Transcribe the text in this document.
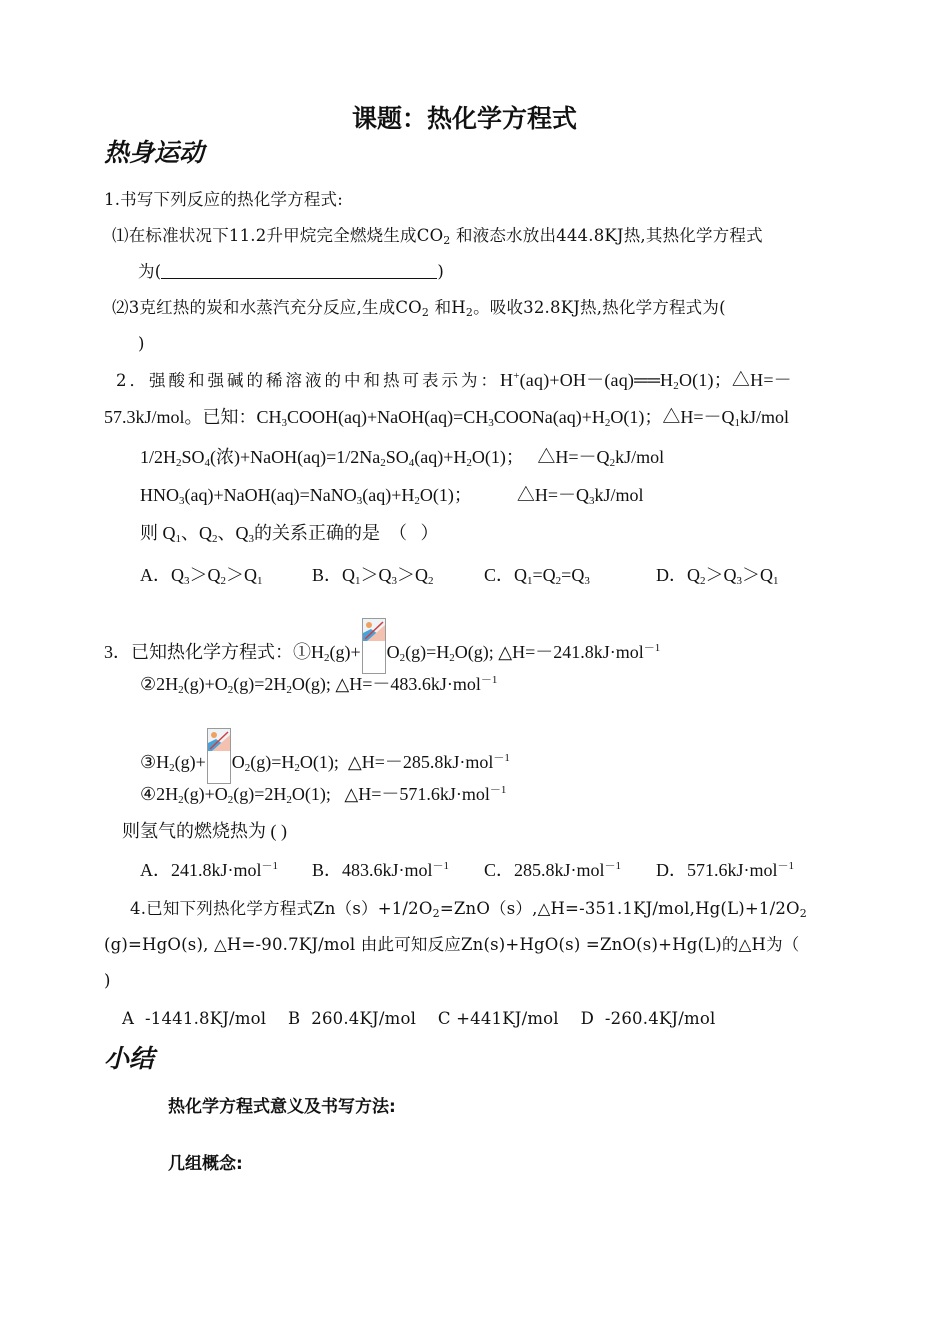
课题：热化学方程式
热身运动
1.书写下列反应的热化学方程式:
⑴在标准状况下11.2升甲烷完全燃烧生成$CO_2$ 和液态水放出444.8KJ热,其热化学方程式
为(	)
⑵3克红热的炭和水蒸汽充分反应,生成$CO_2$ 和$H_2$。吸收32.8KJ热,热化学方程式为(
)
2．强酸和强碱的稀溶液的中和热可表示为：$H^+(aq)+OH-(aq)══H_2O(1)$；△H=－
57.3kJ/mol。已知：$CH_3COOH(aq)+NaOH(aq)=CH_3COONa(aq)+H_2O(1)$；$\triangle H=-Q_1kJ$/mol
$1/2H_2SO_4$(浓)$+NaOH(aq)=1/2Na_2SO_4(aq)+H_2O(1)$；   $\triangle H=-Q_2kJ$/mol
$HNO_3(aq)+NaOH(aq)=NaNO_3(aq)+H_2O(1)$；          $\triangle H=-Q_3kJ$/mol
则 $Q_1$、$Q_2$、$Q_3$的关系正确的是  （   ）
A．$Q_3>Q_2>Q_1$	B．$Q_1>Q_3>Q_2$	C．$Q_1=Q_2=Q_3$	D．$Q_2>Q_3>Q_1$
3．已知热化学方程式：$①H_2(g)+ O_2(g)=H_2O(g)$; △H=－241.8kJ·mol$^{-1}$
$②2H_2(g)+O_2(g)=2H_2O(g)$; △H=－483.6kJ·mol$^{-1}$
$③H_2(g)+ O_2(g)=H_2O(1)$;  △H=－285.8kJ·mol$^{-1}$
$④2H_2(g)+O_2(g)=2H_2O(1)$;   △H=－571.6kJ·mol$^{-1}$
则氢气的燃烧热为 ( )
A．241.8kJ·mol$^{-1}$ B．483.6kJ·mol$^{-1}$ C．285.8kJ·mol$^{-1}$ D．571.6kJ·mol$^{-1}$
4.已知下列热化学方程式$Zn(s)+1/2O_2=ZnO(s),\triangle H=-351.1KJ/mol,Hg(L)+1/2O_2$
(g)=HgO(s), △H=-90.7KJ/mol 由此可知反应Zn(s)+HgO(s) =ZnO(s)+Hg(L)的△H为（
)
A  -1441.8KJ/mol    B  260.4KJ/mol    C +441KJ/mol    D  -260.4KJ/mol
小结
热化学方程式意义及书写方法:
几组概念:
